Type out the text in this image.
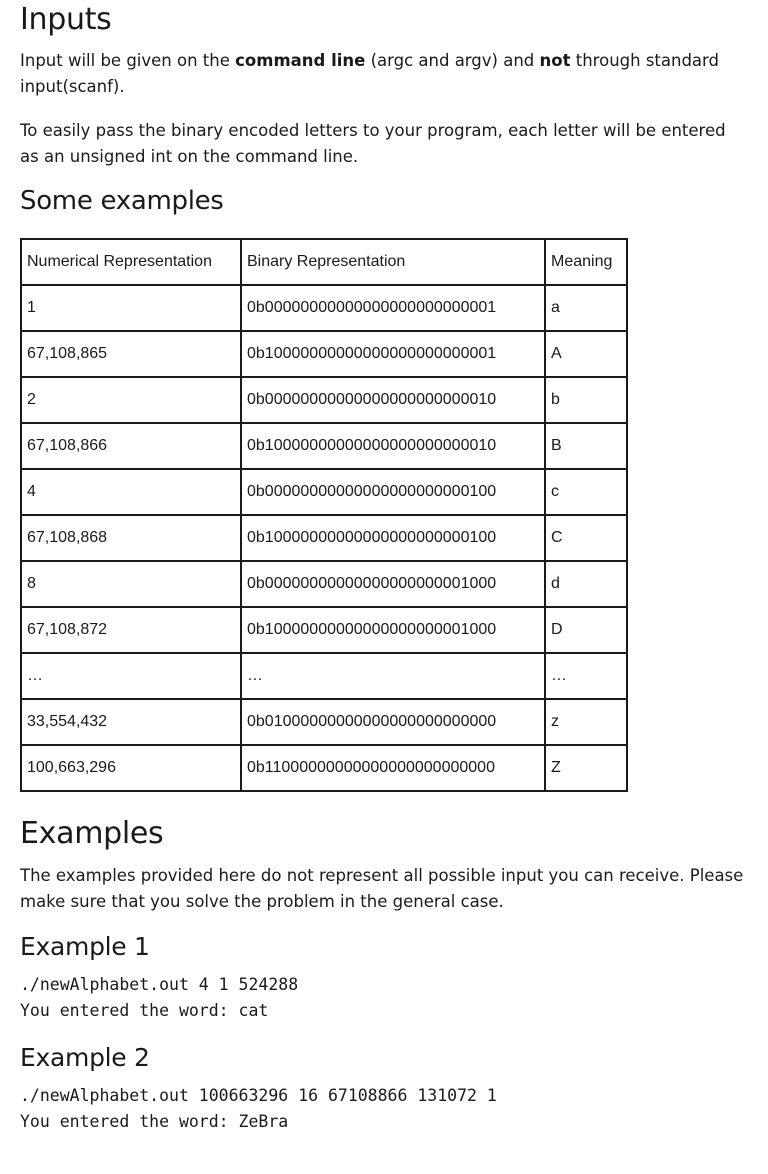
Inputs

Input will be given on the command line (argc and argv) and not through standard input(scanf).

To easily pass the binary encoded letters to your program, each letter will be entered as an unsigned int on the command line.

Some examples
Numerical Representation	Binary Representation	Meaning
1	0b00000000000000000000000001	a
67,108,865	0b10000000000000000000000001	A
2	0b00000000000000000000000010	b
67,108,866	0b10000000000000000000000010	B
4	0b00000000000000000000000100	c
67,108,868	0b10000000000000000000000100	C
8	0b00000000000000000000001000	d
67,108,872	0b10000000000000000000001000	D
…	…	…
33,554,432	0b01000000000000000000000000	z
100,663,296	0b11000000000000000000000000	Z
Examples

The examples provided here do not represent all possible input you can receive. Please make sure that you solve the problem in the general case.

Example 1
./newAlphabet.out 4 1 524288
You entered the word: cat
Example 2
./newAlphabet.out 100663296 16 67108866 131072 1
You entered the word: ZeBra
